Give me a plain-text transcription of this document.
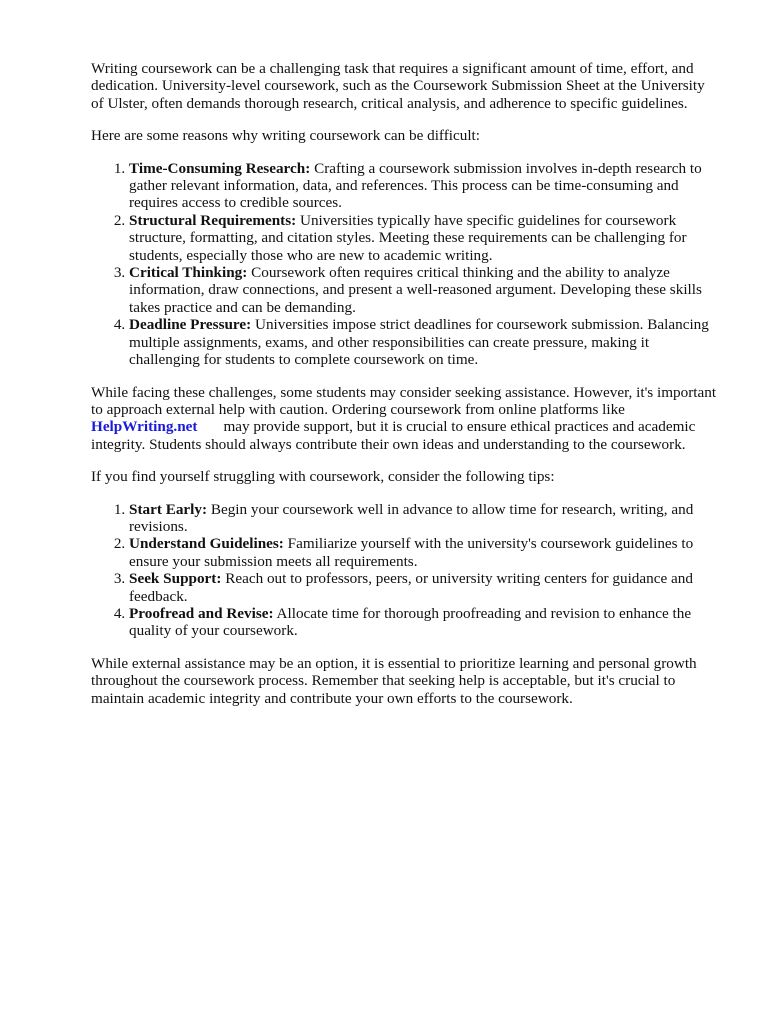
Writing coursework can be a challenging task that requires a significant amount of time, effort, and dedication. University-level coursework, such as the Coursework Submission Sheet at the University of Ulster, often demands thorough research, critical analysis, and adherence to specific guidelines.

Here are some reasons why writing coursework can be difficult:

1. Time-Consuming Research: Crafting a coursework submission involves in-depth research to gather relevant information, data, and references. This process can be time-consuming and requires access to credible sources.
2. Structural Requirements: Universities typically have specific guidelines for coursework structure, formatting, and citation styles. Meeting these requirements can be challenging for students, especially those who are new to academic writing.
3. Critical Thinking: Coursework often requires critical thinking and the ability to analyze information, draw connections, and present a well-reasoned argument. Developing these skills takes practice and can be demanding.
4. Deadline Pressure: Universities impose strict deadlines for coursework submission. Balancing multiple assignments, exams, and other responsibilities can create pressure, making it challenging for students to complete coursework on time.

While facing these challenges, some students may consider seeking assistance. However, it's important to approach external help with caution. Ordering coursework from online platforms like HelpWriting.net may provide support, but it is crucial to ensure ethical practices and academic integrity. Students should always contribute their own ideas and understanding to the coursework.

If you find yourself struggling with coursework, consider the following tips:

1. Start Early: Begin your coursework well in advance to allow time for research, writing, and revisions.
2. Understand Guidelines: Familiarize yourself with the university's coursework guidelines to ensure your submission meets all requirements.
3. Seek Support: Reach out to professors, peers, or university writing centers for guidance and feedback.
4. Proofread and Revise: Allocate time for thorough proofreading and revision to enhance the quality of your coursework.

While external assistance may be an option, it is essential to prioritize learning and personal growth throughout the coursework process. Remember that seeking help is acceptable, but it's crucial to maintain academic integrity and contribute your own efforts to the coursework.
